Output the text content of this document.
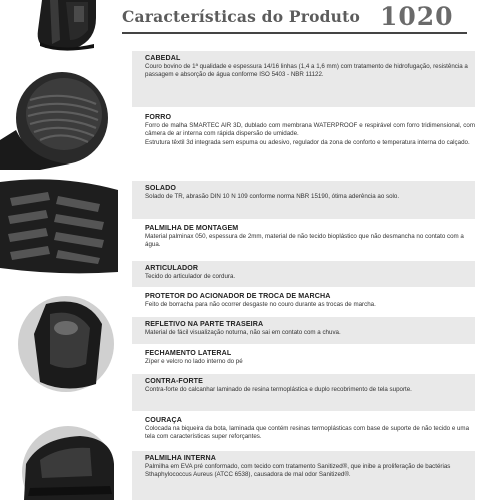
Características do Produto 1020
CABEDAL
Couro bovino de 1ª qualidade e espessura 14/16 linhas (1,4 a 1,6 mm) com tratamento de hidrofugação, resistência a passagem e absorção de água conforme ISO 5403 - NBR 11122.
FORRO
Forro de malha SMARTEC AIR 3D, dublado com membrana WATERPROOF e respirável com forro tridimensional, com câmera de ar interna com rápida dispersão de umidade.
Estrutura têxtil 3d integrada sem espuma ou adesivo, regulador da zona de conforto e temperatura interna do calçado.
SOLADO
Solado de TR, abrasão DIN 10 N 109 conforme norma NBR 15190, ótima aderência ao solo.
PALMILHA DE MONTAGEM
Material palminax 050, espessura de 2mm, material de não tecido bioplástico que não desmancha no contato com a água.
ARTICULADOR
Tecido do articulador de cordura.
PROTETOR DO ACIONADOR DE TROCA DE MARCHA
Feito de borracha para não ocorrer desgaste no couro durante as trocas de marcha.
REFLETIVO NA PARTE TRASEIRA
Material de fácil visualização noturna, não sai em contato com a chuva.
FECHAMENTO LATERAL
Zíper e velcro no lado interno do pé
CONTRA-FORTE
Contra-forte do calcanhar laminado de resina termoplástica e duplo recobrimento de tela suporte.
COURAÇA
Colocada na biqueira da bota, laminada que contém resinas termoplásticas com base de suporte de não tecido e uma tela com características super reforçantes.
PALMILHA INTERNA
Palmilha em EVA pré conformado, com tecido com tratamento Sanitized®, que inibe a proliferação de bactérias Sthaphylococcus Aureus (ATCC 6538), causadora de mal odor Sanitized®.
